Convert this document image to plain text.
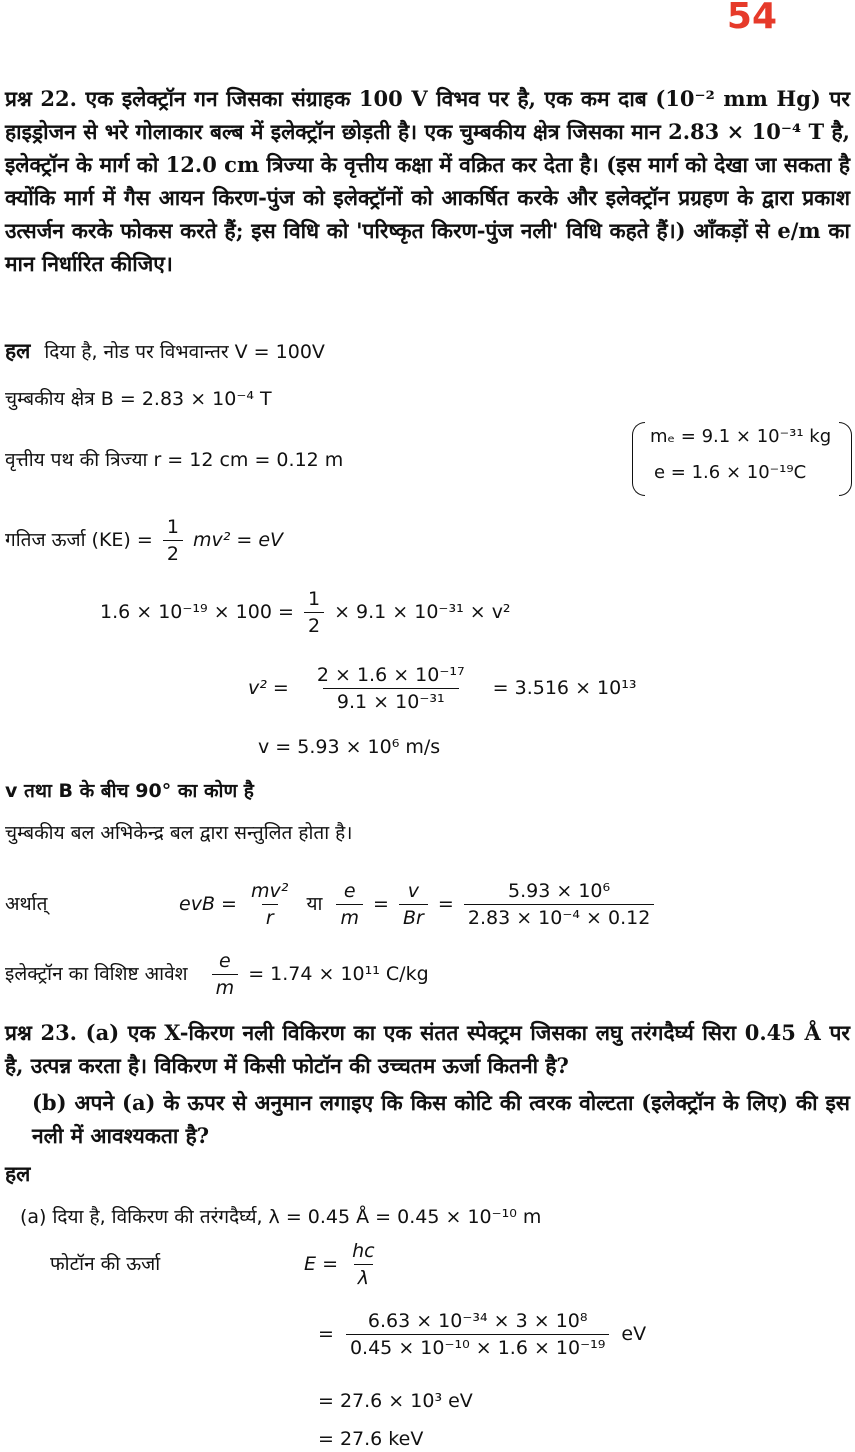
54
प्रश्न 22. एक इलेक्ट्रॉन गन जिसका संग्राहक 100 V विभव पर है, एक कम दाब (10⁻² mm Hg) पर हाइड्रोजन से भरे गोलाकार बल्ब में इलेक्ट्रॉन छोड़ती है। एक चुम्बकीय क्षेत्र जिसका मान 2.83 × 10⁻⁴ T है, इलेक्ट्रॉन के मार्ग को 12.0 cm त्रिज्या के वृत्तीय कक्षा में वक्रित कर देता है। (इस मार्ग को देखा जा सकता है क्योंकि मार्ग में गैस आयन किरण-पुंज को इलेक्ट्रॉनों को आकर्षित करके और इलेक्ट्रॉन प्रग्रहण के द्वारा प्रकाश उत्सर्जन करके फोकस करते हैं; इस विधि को 'परिष्कृत किरण-पुंज नली' विधि कहते हैं।) आँकड़ों से e/m का मान निर्धारित कीजिए।
हल दिया है, नोड पर विभवान्तर V = 100V
चुम्बकीय क्षेत्र B = 2.83 × 10⁻⁴ T
वृत्तीय पथ की त्रिज्या r = 12 cm = 0.12 m
mₑ = 9.1 × 10⁻³¹ kg
e = 1.6 × 10⁻¹⁹C
गतिज ऊर्जा $(KE) = \frac{1}{2} mv^2$ = eV
$1.6 \times 10^{-19} \times 100 = \frac{1}{2} \times 9.1 \times 10^{-31} \times v^2$
$v^2 = \frac{\text{2 × 1.6 × 10⁻¹⁷}}{\text{9.1 × 10⁻³¹}} = 3.516 \times 10^{13}$
v = 5.93 × 10⁶ m/s
v तथा B के बीच 90° का कोण है
चुम्बकीय बल अभिकेन्द्र बल द्वारा सन्तुलित होता है।
अर्थात्	evB = $\frac{\text{mv²}}{r}$ या $\frac{e}{m} = \frac{v}{Br} = \frac{\text{5.93 × 10⁶}}{\text{2.83 × 10⁻⁴ × 0.12}}$
इलेक्ट्रॉन का विशिष्ट आवेश $\frac{e}{m} = 1.74 \times 10^{11}$ C/kg
प्रश्न 23. (a) एक X-किरण नली विकिरण का एक संतत स्पेक्ट्रम जिसका लघु तरंगदैर्घ्य सिरा 0.45 Å पर है, उत्पन्न करता है। विकिरण में किसी फोटॉन की उच्चतम ऊर्जा कितनी है?
(b) अपने (a) के ऊपर से अनुमान लगाइए कि किस कोटि की त्वरक वोल्टता (इलेक्ट्रॉन के लिए) की इस नली में आवश्यकता है?
हल
(a) दिया है, विकिरण की तरंगदैर्घ्य, λ = 0.45 Å = 0.45 × 10⁻¹⁰ m
फोटॉन की ऊर्जा	$E = \frac{hc}{\lambda}$
= $\frac{\text{6.63 × 10⁻³⁴ × 3 × 10⁸}}{\text{0.45 × 10⁻¹⁰ × 1.6 × 10⁻¹⁹}}$ eV
= 27.6 × 10³ eV
= 27.6 keV
